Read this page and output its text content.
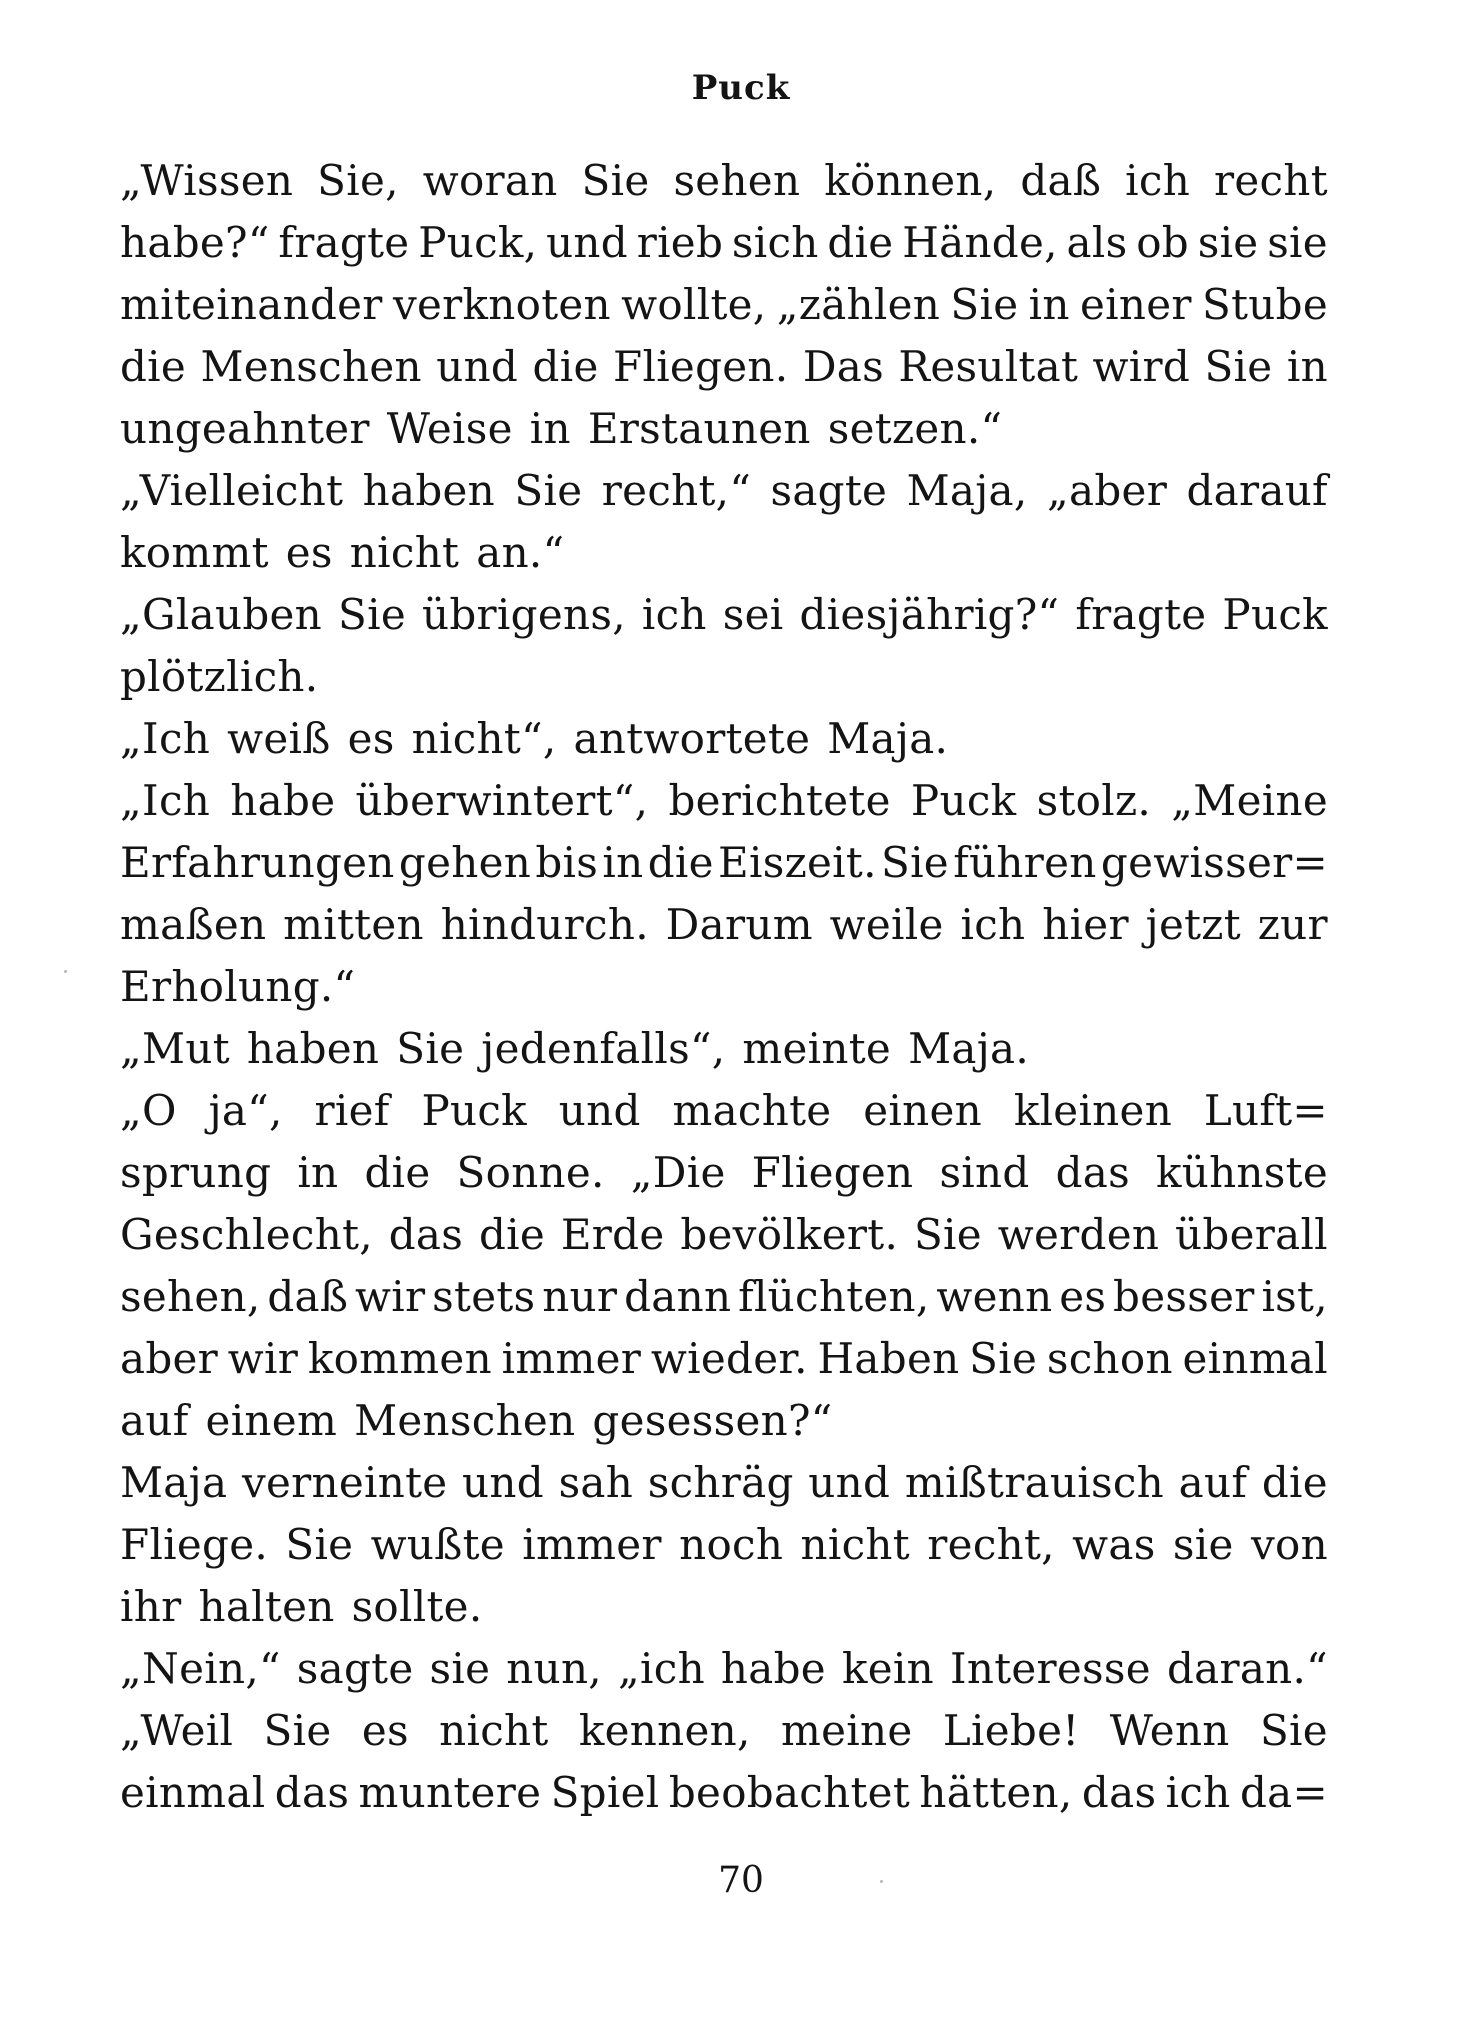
Puck
„Wissen Sie, woran Sie sehen können, daß ich recht
habe?“ fragte Puck, und rieb sich die Hände, als ob sie sie
miteinander verknoten wollte, „zählen Sie in einer Stube
die Menschen und die Fliegen. Das Resultat wird Sie in
ungeahnter Weise in Erstaunen setzen.“
„Vielleicht haben Sie recht,“ sagte Maja, „aber darauf
kommt es nicht an.“
„Glauben Sie übrigens, ich sei diesjährig?“ fragte Puck
plötzlich.
„Ich weiß es nicht“, antwortete Maja.
„Ich habe überwintert“, berichtete Puck stolz. „Meine
Erfahrungen gehen bis in die Eiszeit. Sie führen gewisser=
maßen mitten hindurch. Darum weile ich hier jetzt zur
Erholung.“
„Mut haben Sie jedenfalls“, meinte Maja.
„O ja“, rief Puck und machte einen kleinen Luft=
sprung in die Sonne. „Die Fliegen sind das kühnste
Geschlecht, das die Erde bevölkert. Sie werden überall
sehen, daß wir stets nur dann flüchten, wenn es besser ist,
aber wir kommen immer wieder. Haben Sie schon einmal
auf einem Menschen gesessen?“
Maja verneinte und sah schräg und mißtrauisch auf die
Fliege. Sie wußte immer noch nicht recht, was sie von
ihr halten sollte.
„Nein,“ sagte sie nun, „ich habe kein Interesse daran.“
„Weil Sie es nicht kennen, meine Liebe! Wenn Sie
einmal das muntere Spiel beobachtet hätten, das ich da=
70
